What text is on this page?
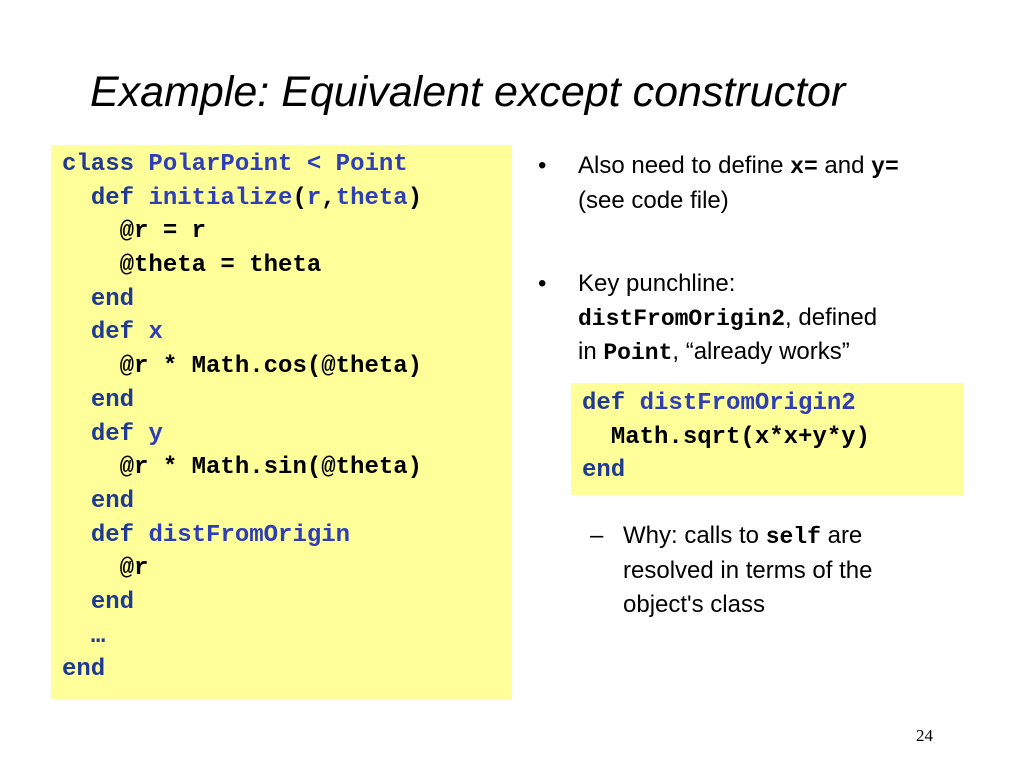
Example: Equivalent except constructor
class PolarPoint < Point
def initialize(r,theta)
@r = r
@theta = theta
end
def x
@r * Math.cos(@theta)
end
def y
@r * Math.sin(@theta)
end
def distFromOrigin
@r
end
…
end
• Also need to define x= and y=
(see code file)
• Key punchline:
distFromOrigin2, defined
in Point, “already works”
def distFromOrigin2
Math.sqrt(x*x+y*y)
end
– Why: calls to self are
resolved in terms of the
object's class
24
